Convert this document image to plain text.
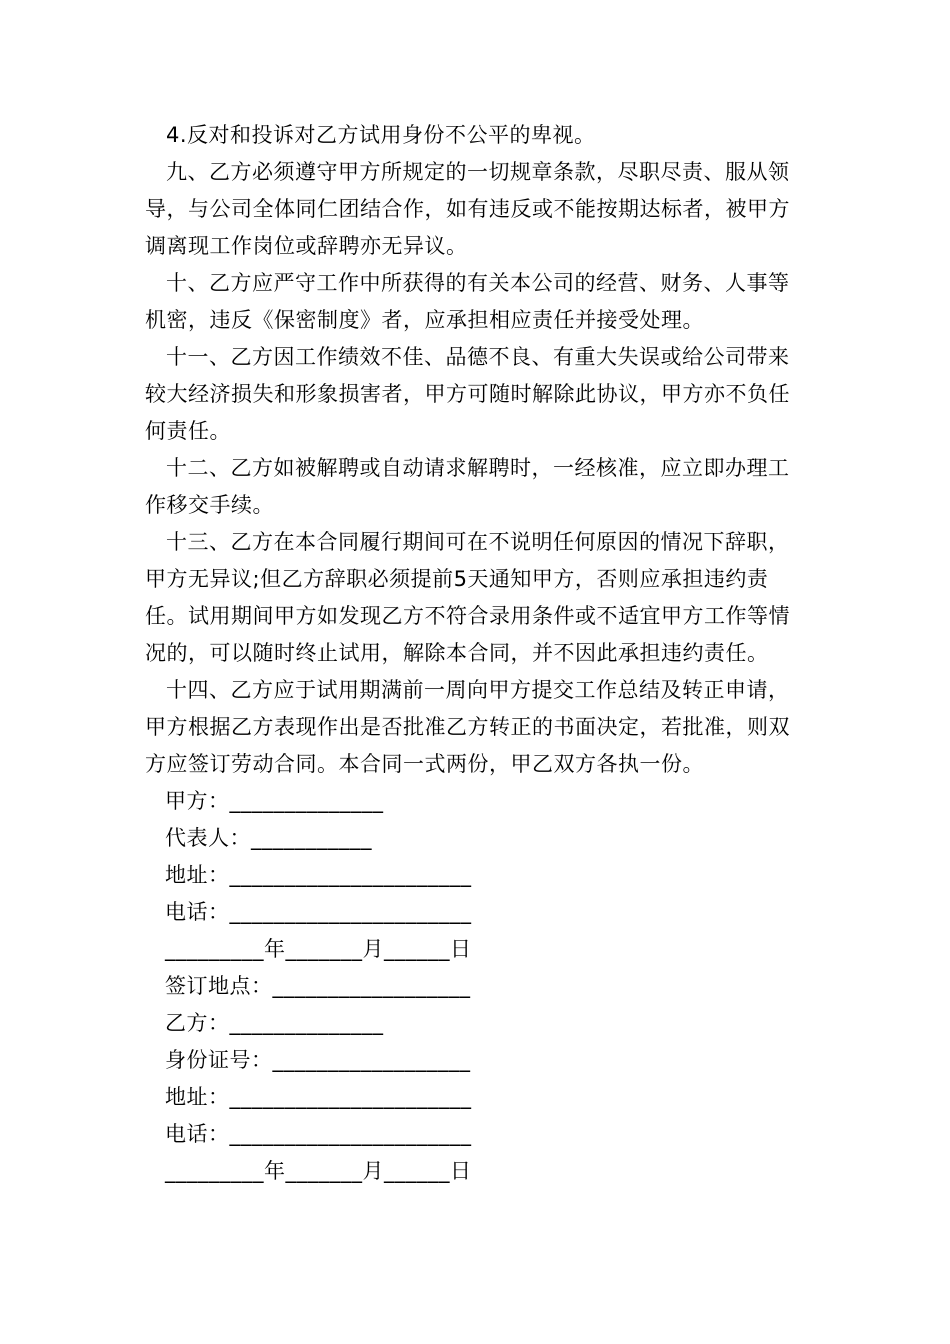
4.反对和投诉对乙方试用身份不公平的卑视。

九、乙方必须遵守甲方所规定的一切规章条款，尽职尽责、服从领导，与公司全体同仁团结合作，如有违反或不能按期达标者，被甲方调离现工作岗位或辞聘亦无异议。

十、乙方应严守工作中所获得的有关本公司的经营、财务、人事等机密，违反《保密制度》者，应承担相应责任并接受处理。

十一、乙方因工作绩效不佳、品德不良、有重大失误或给公司带来较大经济损失和形象损害者，甲方可随时解除此协议，甲方亦不负任何责任。

十二、乙方如被解聘或自动请求解聘时，一经核准，应立即办理工作移交手续。

十三、乙方在本合同履行期间可在不说明任何原因的情况下辞职，甲方无异议;但乙方辞职必须提前5天通知甲方，否则应承担违约责任。试用期间甲方如发现乙方不符合录用条件或不适宜甲方工作等情况的，可以随时终止试用，解除本合同，并不因此承担违约责任。

十四、乙方应于试用期满前一周向甲方提交工作总结及转正申请，甲方根据乙方表现作出是否批准乙方转正的书面决定，若批准，则双方应签订劳动合同。本合同一式两份，甲乙双方各执一份。

甲方：______________
代表人：___________
地址：______________________
电话：______________________
_________年_______月______日
签订地点：__________________
乙方：______________
身份证号：__________________
地址：______________________
电话：______________________
_________年_______月______日
